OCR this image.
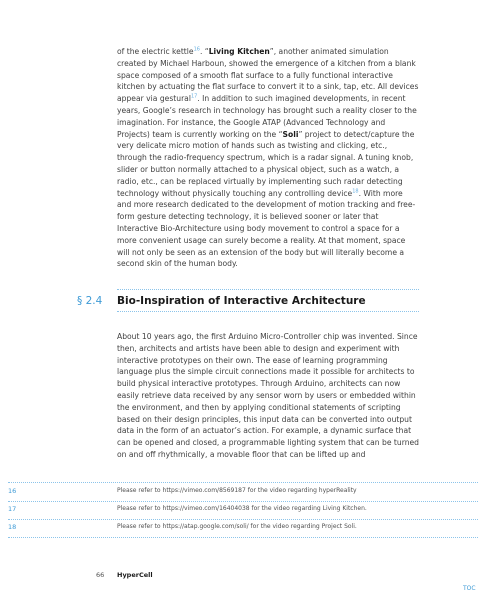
of the electric kettle$^{16}$. “Living Kitchen”, another animated simulation created by Michael Harboun, showed the emergence of a kitchen from a blank space composed of a smooth flat surface to a fully functional interactive kitchen by actuating the flat surface to convert it to a sink, tap, etc. All devices appear via gestural$^{17}$. In addition to such imagined developments, in recent years, Google’s research in technology has brought such a reality closer to the imagination. For instance, the Google ATAP (Advanced Technology and Projects) team is currently working on the “Soli” project to detect/capture the very delicate micro motion of hands such as twisting and clicking, etc., through the radio-frequency spectrum, which is a radar signal. A tuning knob, slider or button normally attached to a physical object, such as a watch, a radio, etc., can be replaced virtually by implementing such radar detecting technology without physically touching any controlling device$^{18}$. With more and more research dedicated to the development of motion tracking and free-form gesture detecting technology, it is believed sooner or later that Interactive Bio-Architecture using body movement to control a space for a more convenient usage can surely become a reality. At that moment, space will not only be seen as an extension of the body but will literally become a second skin of the human body.
§ 2.4 Bio-Inspiration of Interactive Architecture
About 10 years ago, the first Arduino Micro-Controller chip was invented. Since then, architects and artists have been able to design and experiment with interactive prototypes on their own. The ease of learning programming language plus the simple circuit connections made it possible for architects to build physical interactive prototypes. Through Arduino, architects can now easily retrieve data received by any sensor worn by users or embedded within the environment, and then by applying conditional statements of scripting based on their design principles, this input data can be converted into output data in the form of an actuator’s action. For example, a dynamic surface that can be opened and closed, a programmable lighting system that can be turned on and off rhythmically, a movable floor that can be lifted up and
16	Please refer to https://vimeo.com/8569187 for the video regarding hyperReality
17	Please refer to https://vimeo.com/16404038 for the video regarding Living Kitchen.
18	Please refer to https://atap.google.com/soli/ for the video regarding Project Soli.
66 HyperCell
TOC
